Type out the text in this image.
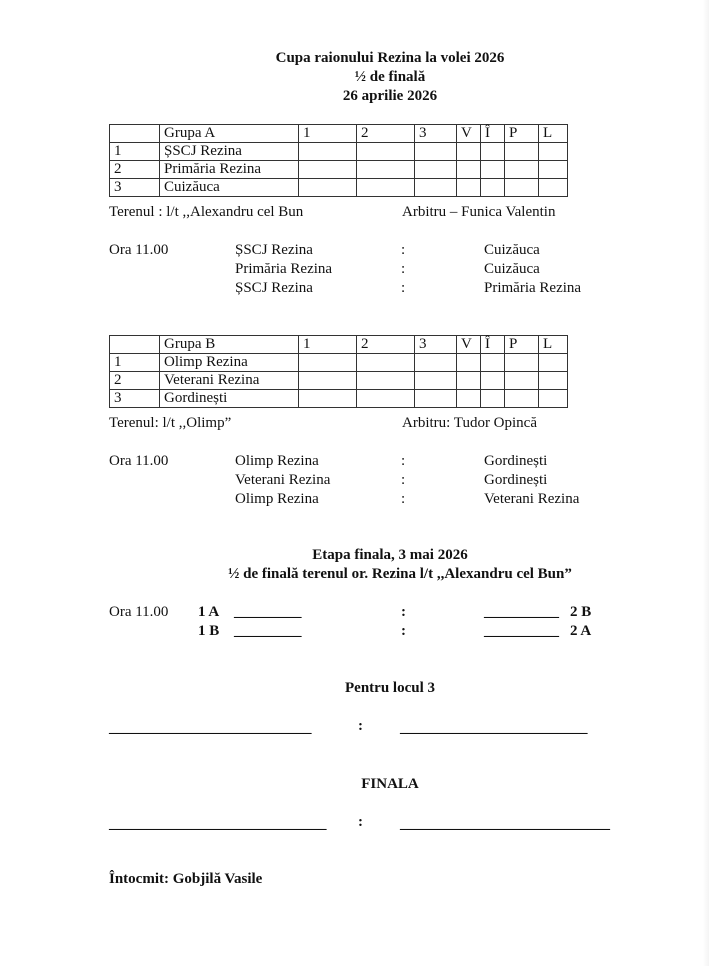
Cupa raionului Rezina la volei 2026
½ de finală
26 aprilie 2026
	Grupa A	1	2	3	V	Î	P	L
1	ȘSCJ Rezina							
2	Primăria Rezina							
3	Cuizăuca							
Terenul : l/t ,,Alexandru cel Bun	Arbitru – Funica Valentin
Ora 11.00	ȘSCJ Rezina	:	Cuizăuca
Primăria Rezina	:	Cuizăuca
ȘSCJ Rezina	:	Primăria Rezina
	Grupa B	1	2	3	V	Î	P	L
1	Olimp Rezina							
2	Veterani Rezina							
3	Gordinești							
Terenul: l/t ,,Olimp”	Arbitru: Tudor Opincă
Ora 11.00	Olimp Rezina	:	Gordinești
Veterani Rezina	:	Gordinești
Olimp Rezina	:	Veterani Rezina
Etapa finala, 3 mai 2026
½ de finală terenul or. Rezina l/t ,,Alexandru cel Bun”
Ora 11.00 1 A _________	:	__________ 2 B
1 B _________	:	__________ 2 A
Pentru locul 3
___________________________	: _________________________
FINALA
_____________________________ : ____________________________
Întocmit: Gobjilă Vasile
